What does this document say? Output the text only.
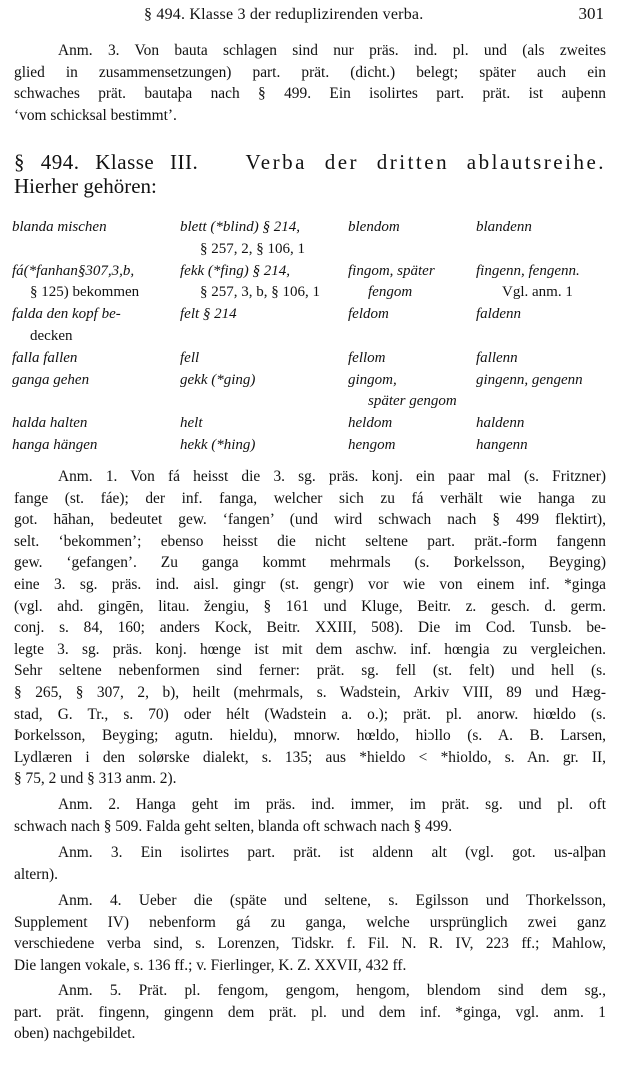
§ 494. Klasse 3 der reduplizirenden verba.	301
Anm. 3. Von bauta schlagen sind nur präs. ind. pl. und (als zweites
glied in zusammensetzungen) part. prät. (dicht.) belegt; später auch ein
schwaches prät. bautaþa nach § 499. Ein isolirtes part. prät. ist auþenn
‘vom schicksal bestimmt’.
§ 494. Klasse III. Verba der dritten ablautsreihe.
Hierher gehören:
blanda mischen	blett (*blind) § 214,	blendom	blandenn
§ 257, 2, § 106, 1
fá(*fanhan§307,3,b,	fekk (*fing) § 214,	fingom, später	fingenn, fengenn.
§ 125) bekommen	§ 257, 3, b, § 106, 1	fengom	Vgl. anm. 1
falda den kopf be-	felt § 214	feldom	faldenn
decken
falla fallen	fell	fellom	fallenn
ganga gehen	gekk (*ging)	gingom,	gingenn, gengenn
später gengom
halda halten	helt	heldom	haldenn
hanga hängen	hekk (*hing)	hengom	hangenn
Anm. 1. Von fá heisst die 3. sg. präs. konj. ein paar mal (s. Fritzner)
fange (st. fáe); der inf. fanga, welcher sich zu fá verhält wie hanga zu
got. hāhan, bedeutet gew. ‘fangen’ (und wird schwach nach § 499 flektirt),
selt. ‘bekommen’; ebenso heisst die nicht seltene part. prät.-form fangenn
gew. ‘gefangen’. Zu ganga kommt mehrmals (s. Þorkelsson, Beyging)
eine 3. sg. präs. ind. aisl. gingr (st. gengr) vor wie von einem inf. *ginga
(vgl. ahd. gingēn, litau. žengiu, § 161 und Kluge, Beitr. z. gesch. d. germ.
conj. s. 84, 160; anders Kock, Beitr. XXIII, 508). Die im Cod. Tunsb. be-
legte 3. sg. präs. konj. hœnge ist mit dem aschw. inf. hœngia zu vergleichen.
Sehr seltene nebenformen sind ferner: prät. sg. fell (st. felt) und hell (s.
§ 265, § 307, 2, b), heilt (mehrmals, s. Wadstein, Arkiv VIII, 89 und Hæg-
stad, G. Tr., s. 70) oder hélt (Wadstein a. o.); prät. pl. anorw. hiœldo (s.
Þorkelsson, Beyging; agutn. hieldu), mnorw. hœldo, hiɔllo (s. A. B. Larsen,
Lydlæren i den solørske dialekt, s. 135; aus *hieldo < *hioldo, s. An. gr. II,
§ 75, 2 und § 313 anm. 2).
Anm. 2. Hanga geht im präs. ind. immer, im prät. sg. und pl. oft
schwach nach § 509. Falda geht selten, blanda oft schwach nach § 499.
Anm. 3. Ein isolirtes part. prät. ist aldenn alt (vgl. got. us-alþan
altern).
Anm. 4. Ueber die (späte und seltene, s. Egilsson und Thorkelsson,
Supplement IV) nebenform gá zu ganga, welche ursprünglich zwei ganz
verschiedene verba sind, s. Lorenzen, Tidskr. f. Fil. N. R. IV, 223 ff.; Mahlow,
Die langen vokale, s. 136 ff.; v. Fierlinger, K. Z. XXVII, 432 ff.
Anm. 5. Prät. pl. fengom, gengom, hengom, blendom sind dem sg.,
part. prät. fingenn, gingenn dem prät. pl. und dem inf. *ginga, vgl. anm. 1
oben) nachgebildet.
